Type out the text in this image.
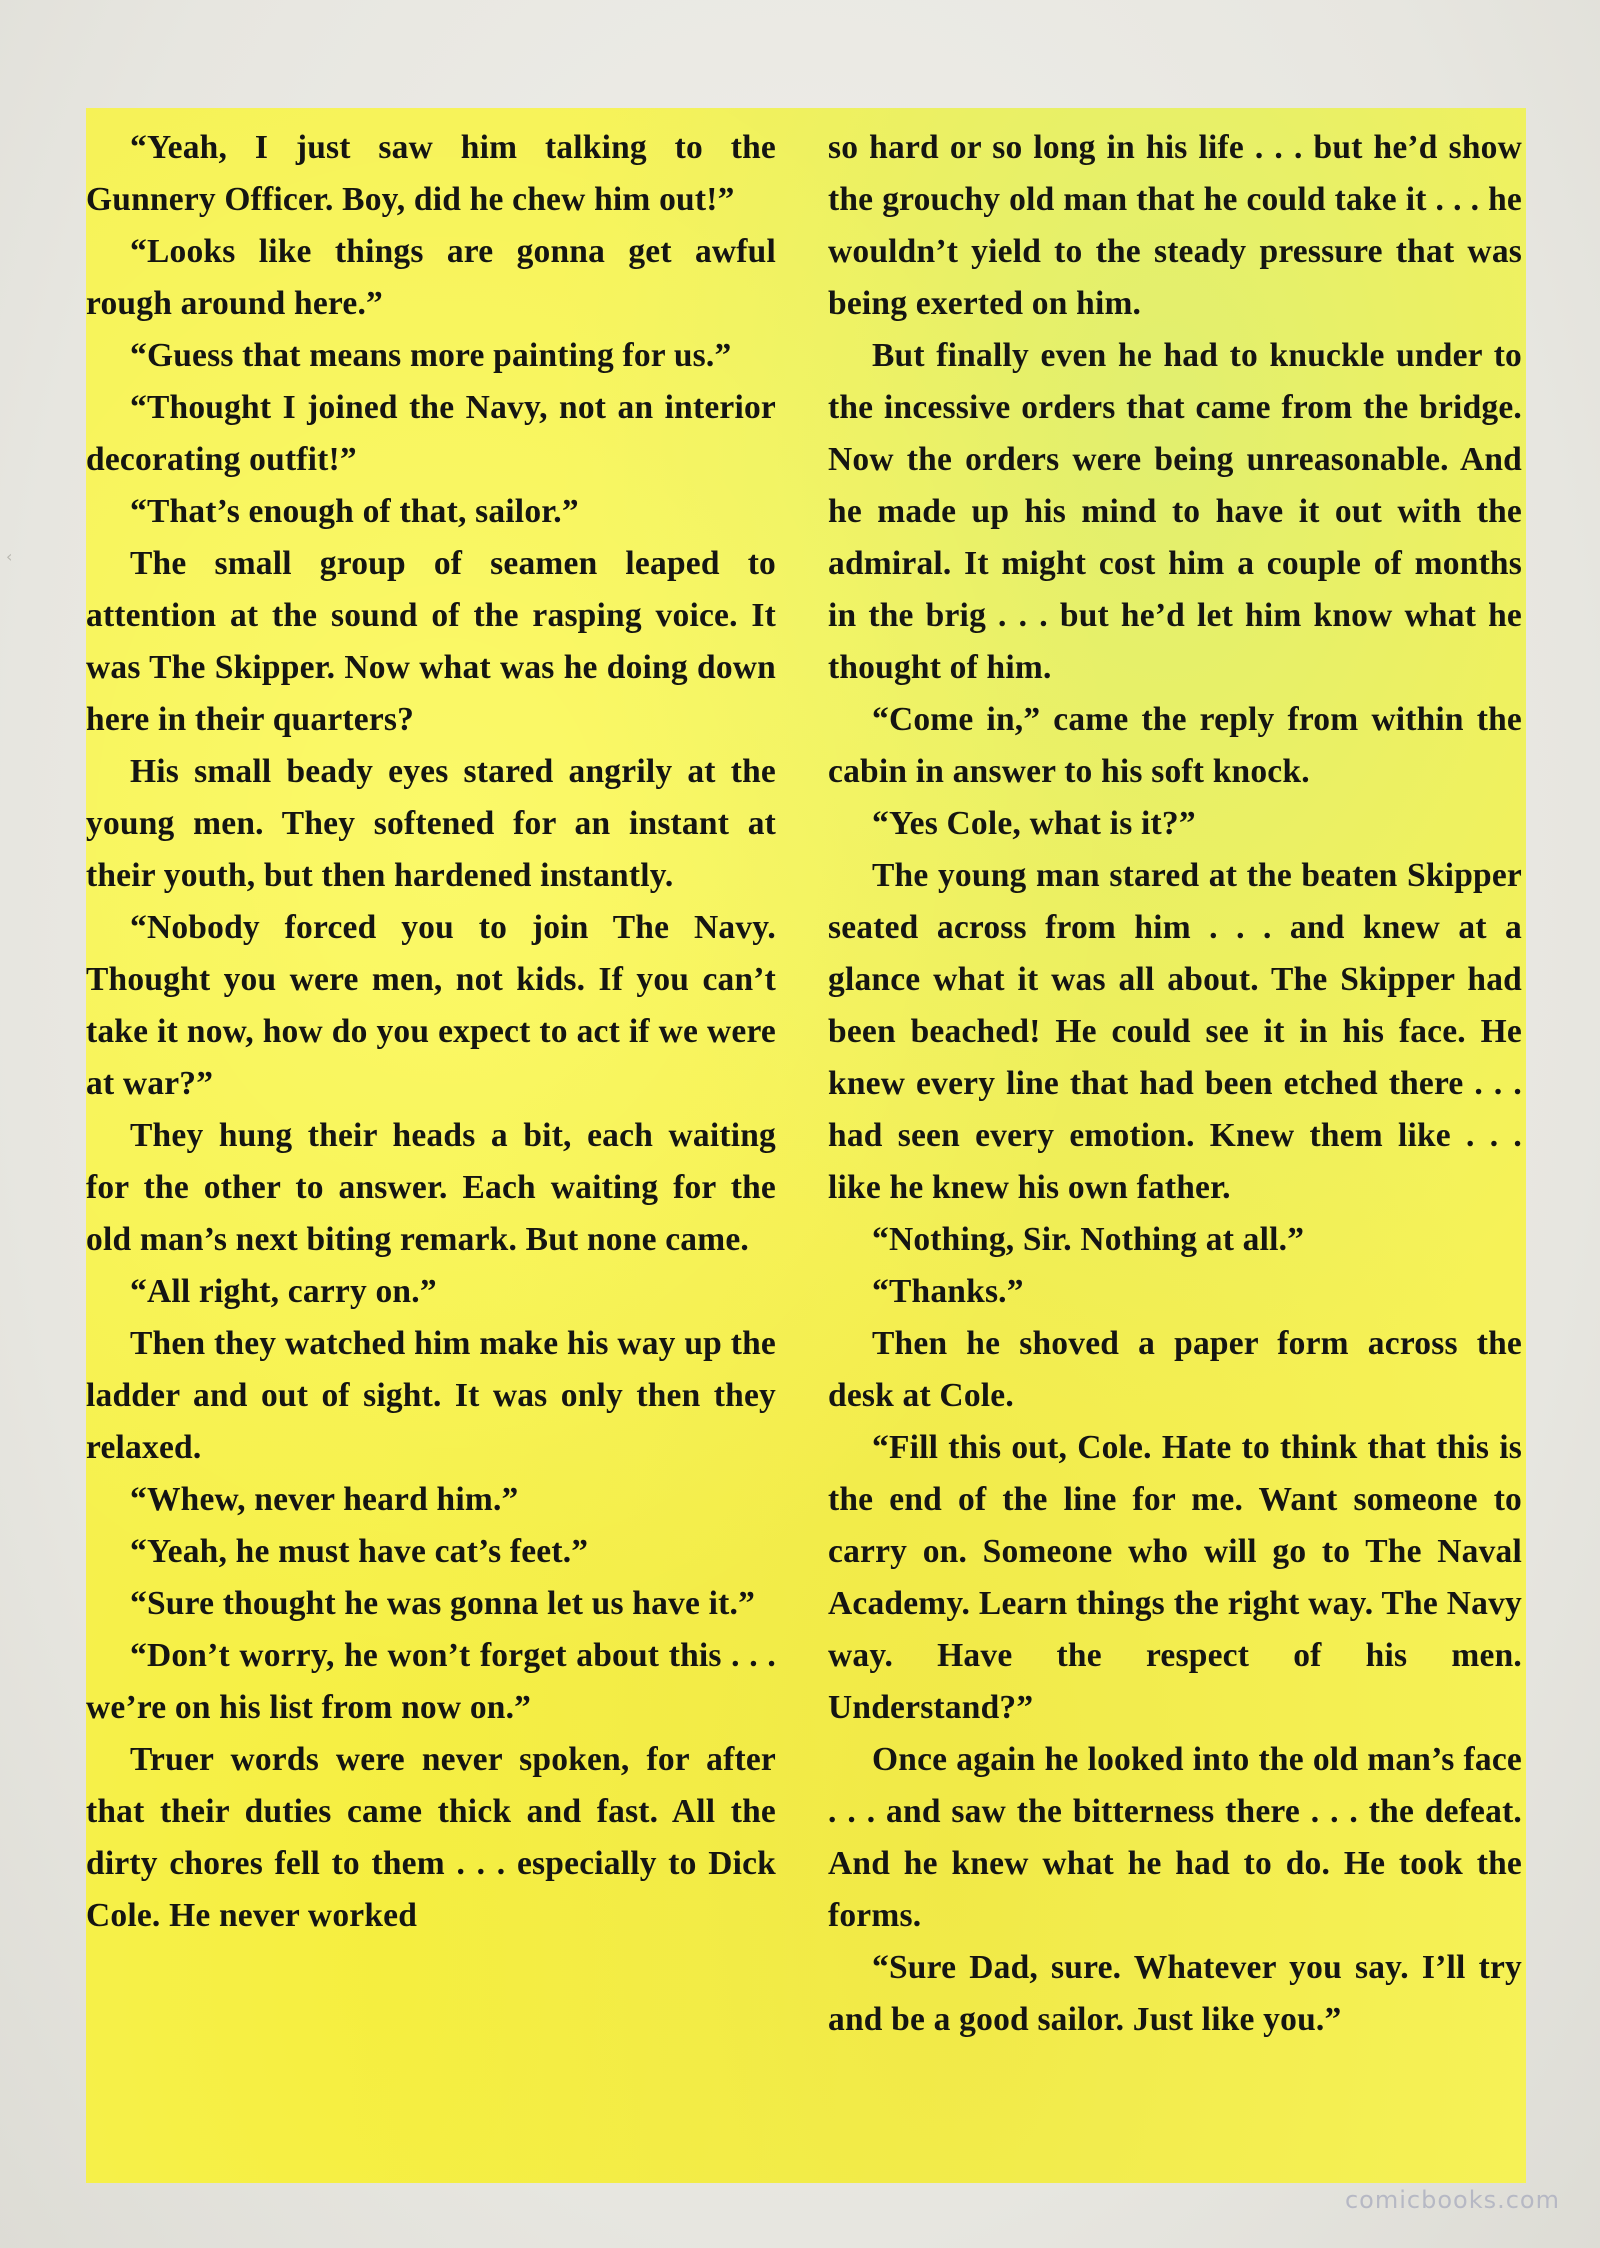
‹

“Yeah, I just saw him talking to the Gunnery Officer. Boy, did he chew him out!”

“Looks like things are gonna get awful rough around here.”

“Guess that means more painting for us.”

“Thought I joined the Navy, not an interior decorating outfit!”

“That’s enough of that, sailor.”

The small group of seamen leaped to attention at the sound of the rasping voice. It was The Skipper. Now what was he doing down here in their quarters?

His small beady eyes stared angrily at the young men. They softened for an instant at their youth, but then hardened instantly.

“Nobody forced you to join The Navy. Thought you were men, not kids. If you can’t take it now, how do you expect to act if we were at war?”

They hung their heads a bit, each waiting for the other to answer. Each waiting for the old man’s next biting remark. But none came.

“All right, carry on.”

Then they watched him make his way up the ladder and out of sight. It was only then they relaxed.

“Whew, never heard him.”

“Yeah, he must have cat’s feet.”

“Sure thought he was gonna let us have it.”

“Don’t worry, he won’t forget about this . . . we’re on his list from now on.”

Truer words were never spoken, for after that their duties came thick and fast. All the dirty chores fell to them . . . especially to Dick Cole. He never worked

so hard or so long in his life . . . but he’d show the grouchy old man that he could take it . . . he wouldn’t yield to the steady pressure that was being exerted on him.

But finally even he had to knuckle under to the incessive orders that came from the bridge. Now the orders were being unreasonable. And he made up his mind to have it out with the admiral. It might cost him a couple of months in the brig . . . but he’d let him know what he thought of him.

“Come in,” came the reply from within the cabin in answer to his soft knock.

“Yes Cole, what is it?”

The young man stared at the beaten Skipper seated across from him . . . and knew at a glance what it was all about. The Skipper had been beached! He could see it in his face. He knew every line that had been etched there . . . had seen every emotion. Knew them like . . . like he knew his own father.

“Nothing, Sir. Nothing at all.”

“Thanks.”

Then he shoved a paper form across the desk at Cole.

“Fill this out, Cole. Hate to think that this is the end of the line for me. Want someone to carry on. Someone who will go to The Naval Academy. Learn things the right way. The Navy way. Have the respect of his men. Understand?”

Once again he looked into the old man’s face . . . and saw the bitterness there . . . the defeat. And he knew what he had to do. He took the forms.

“Sure Dad, sure. Whatever you say. I’ll try and be a good sailor. Just like you.”

comicbooks.com
